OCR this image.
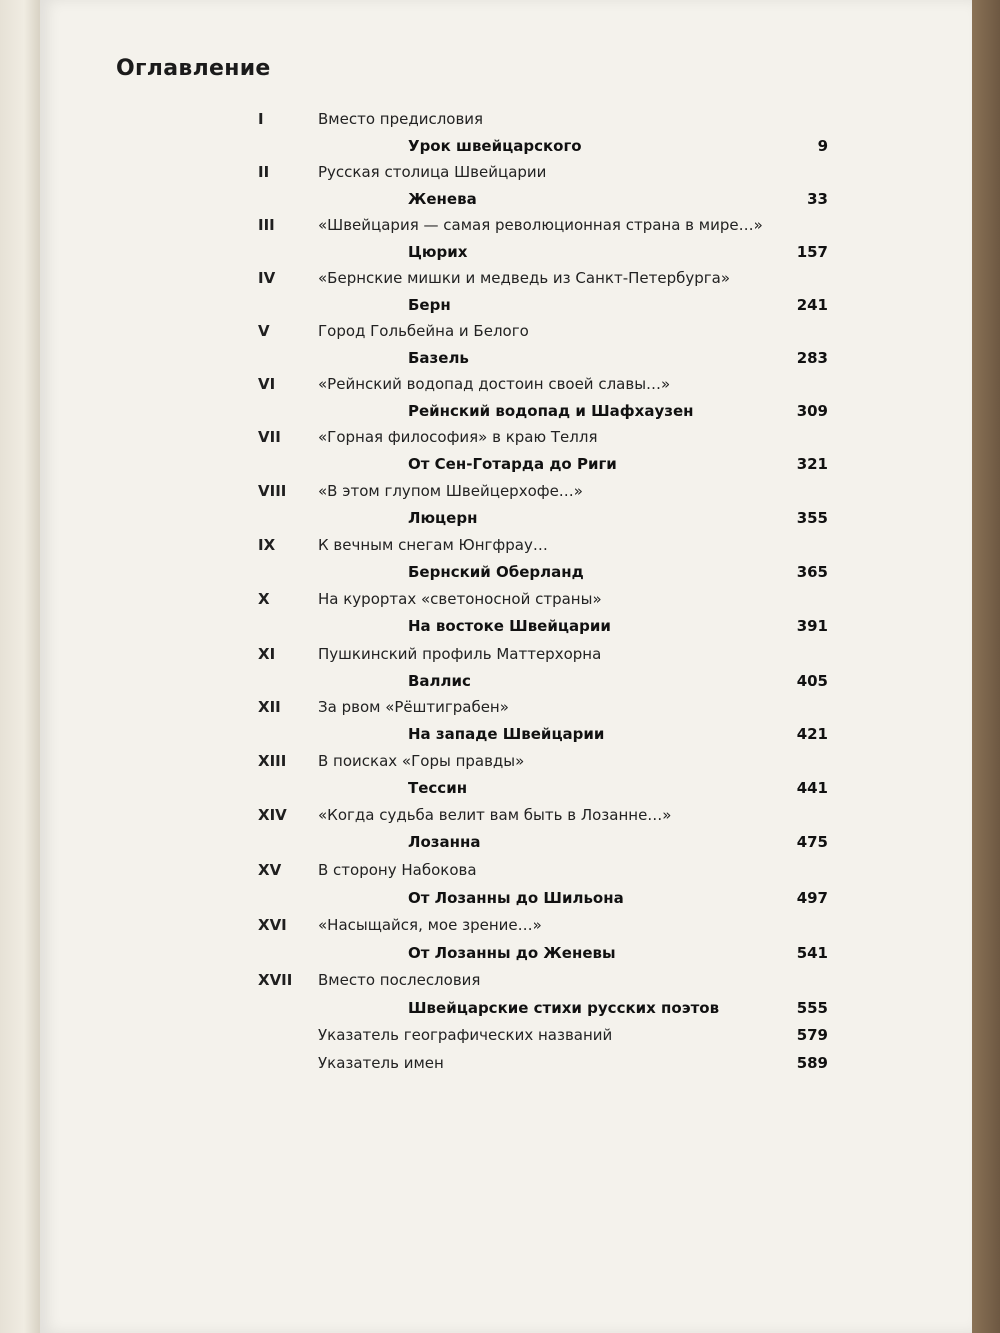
Оглавление
I	Вместо предисловия
Урок швейцарского	9
II	Русская столица Швейцарии
Женева	33
III	«Швейцария — самая революционная страна в мире…»
Цюрих	157
IV	«Бернские мишки и медведь из Санкт-Петербурга»
Берн	241
V	Город Гольбейна и Белого
Базель	283
VI	«Рейнский водопад достоин своей славы…»
Рейнский водопад и Шафхаузен	309
VII «Горная философия» в краю Телля
От Сен-Готарда до Риги	321
VIII «В этом глупом Швейцерхофе…»
Люцерн	355
IX	К вечным снегам Юнгфрау…
Бернский Оберланд	365
X	На курортах «светоносной страны»
На востоке Швейцарии	391
XI	Пушкинский профиль Маттерхорна
Валлис	405
XII За рвом «Рёштиграбен»
На западе Швейцарии	421
XIII В поисках «Горы правды»
Тессин	441
XIV «Когда судьба велит вам быть в Лозанне…»
Лозанна	475
XV В сторону Набокова
От Лозанны до Шильона	497
XVI «Насыщайся, мое зрение…»
От Лозанны до Женевы	541
XVII Вместо послесловия
Швейцарские стихи русских поэтов	555
Указатель географических названий	579
Указатель имен	589
